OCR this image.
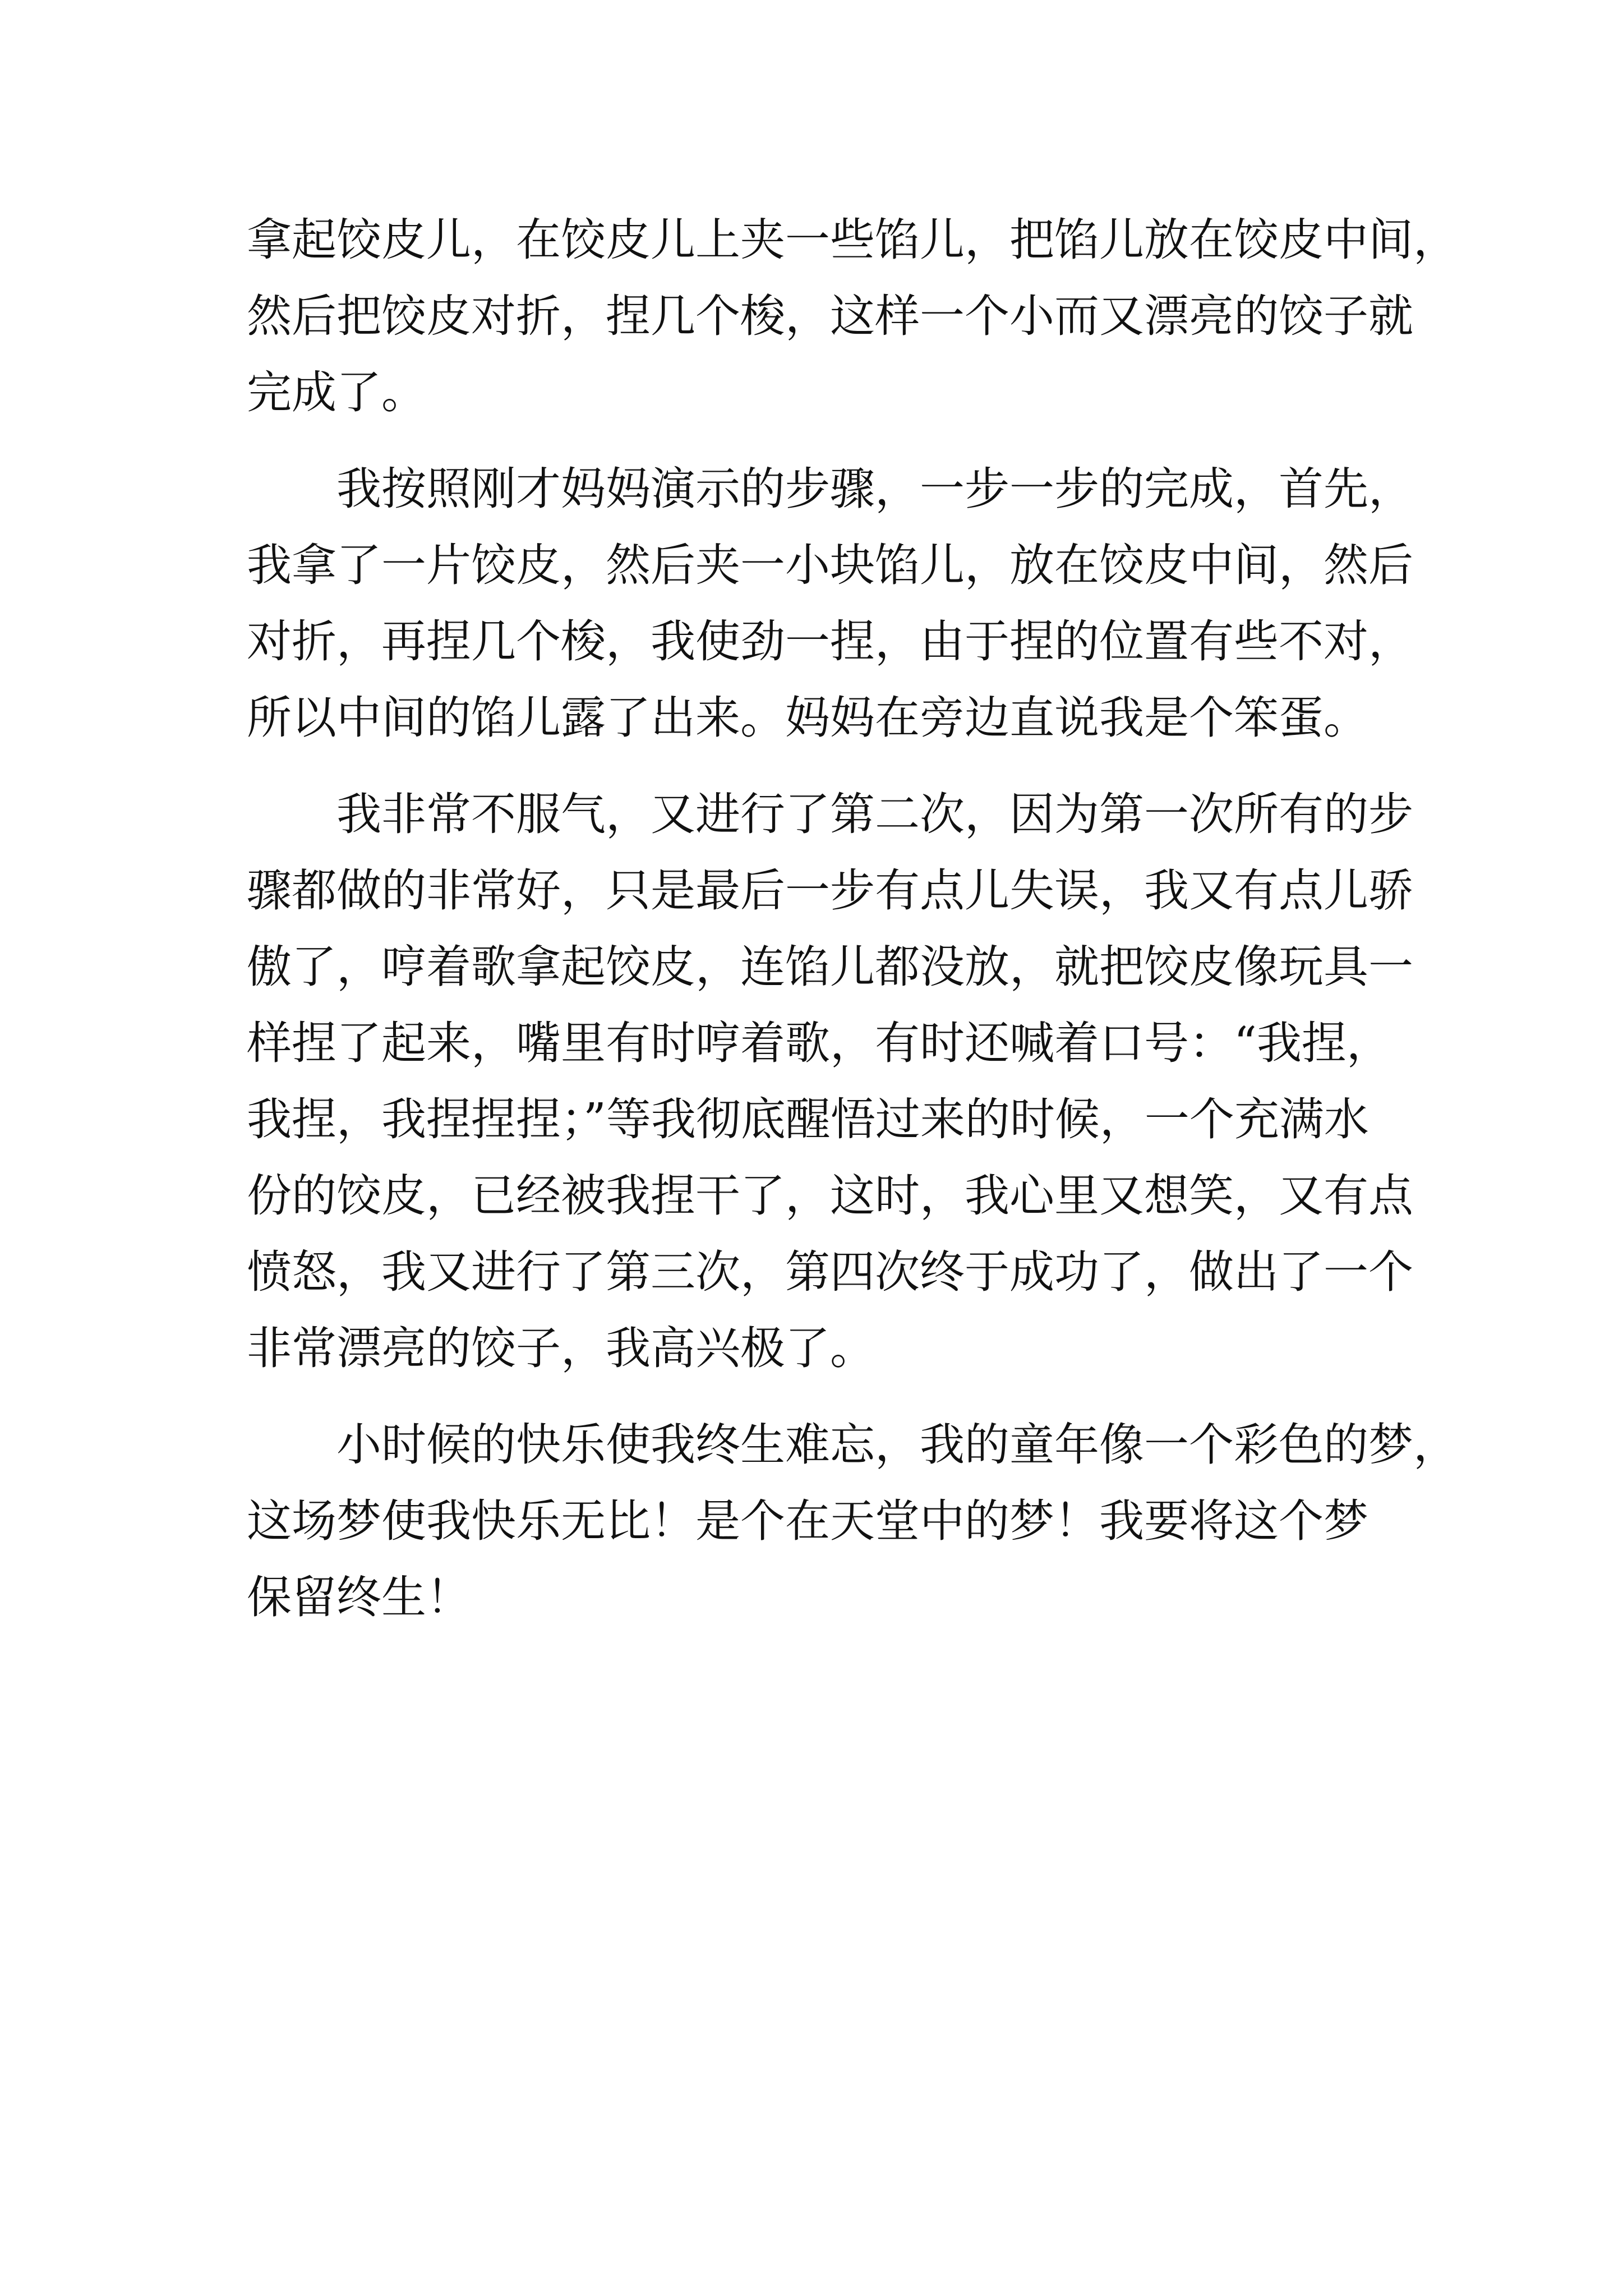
拿起饺皮儿，在饺皮儿上夹一些馅儿，把馅儿放在饺皮中间，
然后把饺皮对折，捏几个梭，这样一个小而又漂亮的饺子就
完成了。
　　我按照刚才妈妈演示的步骤，一步一步的完成，首先，
我拿了一片饺皮，然后夹一小块馅儿，放在饺皮中间，然后
对折，再捏几个梭，我使劲一捏，由于捏的位置有些不对，
所以中间的馅儿露了出来。妈妈在旁边直说我是个笨蛋。
　　我非常不服气，又进行了第二次，因为第一次所有的步
骤都做的非常好，只是最后一步有点儿失误，我又有点儿骄
傲了，哼着歌拿起饺皮，连馅儿都没放，就把饺皮像玩具一
样捏了起来，嘴里有时哼着歌，有时还喊着口号：“我捏，
我捏，我捏捏捏；”等我彻底醒悟过来的时候，一个充满水
份的饺皮，已经被我捏干了，这时，我心里又想笑，又有点
愤怒，我又进行了第三次，第四次终于成功了，做出了一个
非常漂亮的饺子，我高兴极了。
　　小时候的快乐使我终生难忘，我的童年像一个彩色的梦，
这场梦使我快乐无比！是个在天堂中的梦！我要将这个梦
保留终生！
